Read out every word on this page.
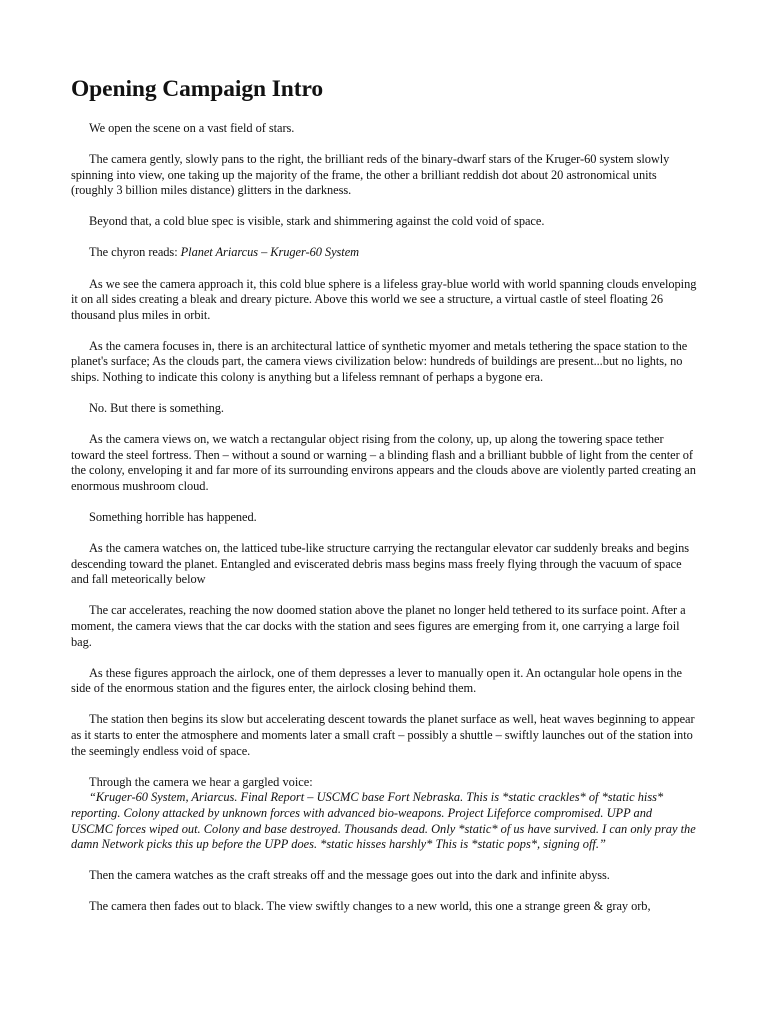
Opening Campaign Intro

We open the scene on a vast field of stars.

The camera gently, slowly pans to the right, the brilliant reds of the binary-dwarf stars of the Kruger-60 system slowly spinning into view, one taking up the majority of the frame, the other a brilliant reddish dot about 20 astronomical units (roughly 3 billion miles distance) glitters in the darkness.

Beyond that, a cold blue spec is visible, stark and shimmering against the cold void of space.

The chyron reads: Planet Ariarcus – Kruger-60 System

As we see the camera approach it, this cold blue sphere is a lifeless gray-blue world with world spanning clouds enveloping it on all sides creating a bleak and dreary picture. Above this world we see a structure, a virtual castle of steel floating 26 thousand plus miles in orbit.

As the camera focuses in, there is an architectural lattice of synthetic myomer and metals tethering the space station to the planet's surface; As the clouds part, the camera views civilization below: hundreds of buildings are present...but no lights, no ships. Nothing to indicate this colony is anything but a lifeless remnant of perhaps a bygone era.

No. But there is something.

As the camera views on, we watch a rectangular object rising from the colony, up, up along the towering space tether toward the steel fortress. Then – without a sound or warning – a blinding flash and a brilliant bubble of light from the center of the colony, enveloping it and far more of its surrounding environs appears and the clouds above are violently parted creating an enormous mushroom cloud.

Something horrible has happened.

As the camera watches on, the latticed tube-like structure carrying the rectangular elevator car suddenly breaks and begins descending toward the planet. Entangled and eviscerated debris mass begins mass freely flying through the vacuum of space and fall meteorically below

The car accelerates, reaching the now doomed station above the planet no longer held tethered to its surface point. After a moment, the camera views that the car docks with the station and sees figures are emerging from it, one carrying a large foil bag.

As these figures approach the airlock, one of them depresses a lever to manually open it. An octangular hole opens in the side of the enormous station and the figures enter, the airlock closing behind them.

The station then begins its slow but accelerating descent towards the planet surface as well, heat waves beginning to appear as it starts to enter the atmosphere and moments later a small craft – possibly a shuttle – swiftly launches out of the station into the seemingly endless void of space.

Through the camera we hear a gargled voice:
“Kruger-60 System, Ariarcus. Final Report – USCMC base Fort Nebraska. This is *static crackles* of *static hiss* reporting. Colony attacked by unknown forces with advanced bio-weapons. Project Lifeforce compromised. UPP and USCMC forces wiped out. Colony and base destroyed. Thousands dead. Only *static* of us have survived. I can only pray the damn Network picks this up before the UPP does. *static hisses harshly* This is *static pops*, signing off.”

Then the camera watches as the craft streaks off and the message goes out into the dark and infinite abyss.

The camera then fades out to black. The view swiftly changes to a new world, this one a strange green & gray orb,
